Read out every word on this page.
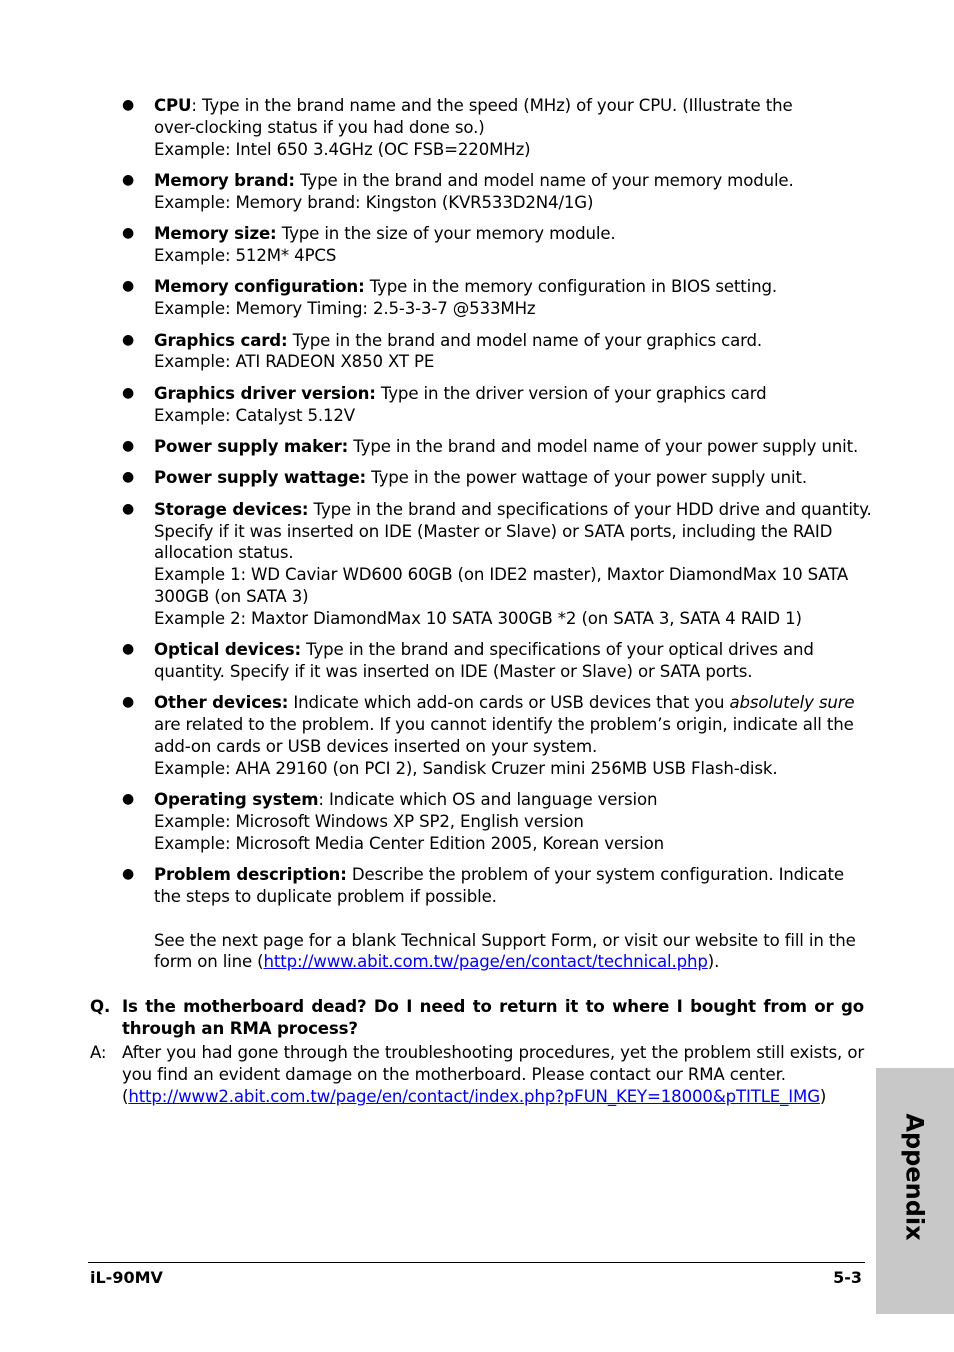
● CPU: Type in the brand name and the speed (MHz) of your CPU. (Illustrate the
over-clocking status if you had done so.)
Example: Intel 650 3.4GHz (OC FSB=220MHz)
● Memory brand: Type in the brand and model name of your memory module.
Example: Memory brand: Kingston (KVR533D2N4/1G)
● Memory size: Type in the size of your memory module.
Example: 512M* 4PCS
● Memory configuration: Type in the memory configuration in BIOS setting.
Example: Memory Timing: 2.5-3-3-7 @533MHz
● Graphics card: Type in the brand and model name of your graphics card.
Example: ATI RADEON X850 XT PE
● Graphics driver version: Type in the driver version of your graphics card
Example: Catalyst 5.12V
● Power supply maker: Type in the brand and model name of your power supply unit.
● Power supply wattage: Type in the power wattage of your power supply unit.
● Storage devices: Type in the brand and specifications of your HDD drive and quantity.
Specify if it was inserted on IDE (Master or Slave) or SATA ports, including the RAID
allocation status.
Example 1: WD Caviar WD600 60GB (on IDE2 master), Maxtor DiamondMax 10 SATA
300GB (on SATA 3)
Example 2: Maxtor DiamondMax 10 SATA 300GB *2 (on SATA 3, SATA 4 RAID 1)
● Optical devices: Type in the brand and specifications of your optical drives and
quantity. Specify if it was inserted on IDE (Master or Slave) or SATA ports.
● Other devices: Indicate which add-on cards or USB devices that you absolutely sure
are related to the problem. If you cannot identify the problem’s origin, indicate all the
add-on cards or USB devices inserted on your system.
Example: AHA 29160 (on PCI 2), Sandisk Cruzer mini 256MB USB Flash-disk.
● Operating system: Indicate which OS and language version
Example: Microsoft Windows XP SP2, English version
Example: Microsoft Media Center Edition 2005, Korean version
● Problem description: Describe the problem of your system configuration. Indicate
the steps to duplicate problem if possible.
See the next page for a blank Technical Support Form, or visit our website to fill in the
form on line (http://www.abit.com.tw/page/en/contact/technical.php).
Q. Is the motherboard dead? Do I need to return it to where I bought from or go through an RMA process?
A: After you had gone through the troubleshooting procedures, yet the problem still exists, or you find an evident damage on the motherboard. Please contact our RMA center.
(http://www2.abit.com.tw/page/en/contact/index.php?pFUN_KEY=18000&pTITLE_IMG)
iL-90MV	5-3
Appendix
